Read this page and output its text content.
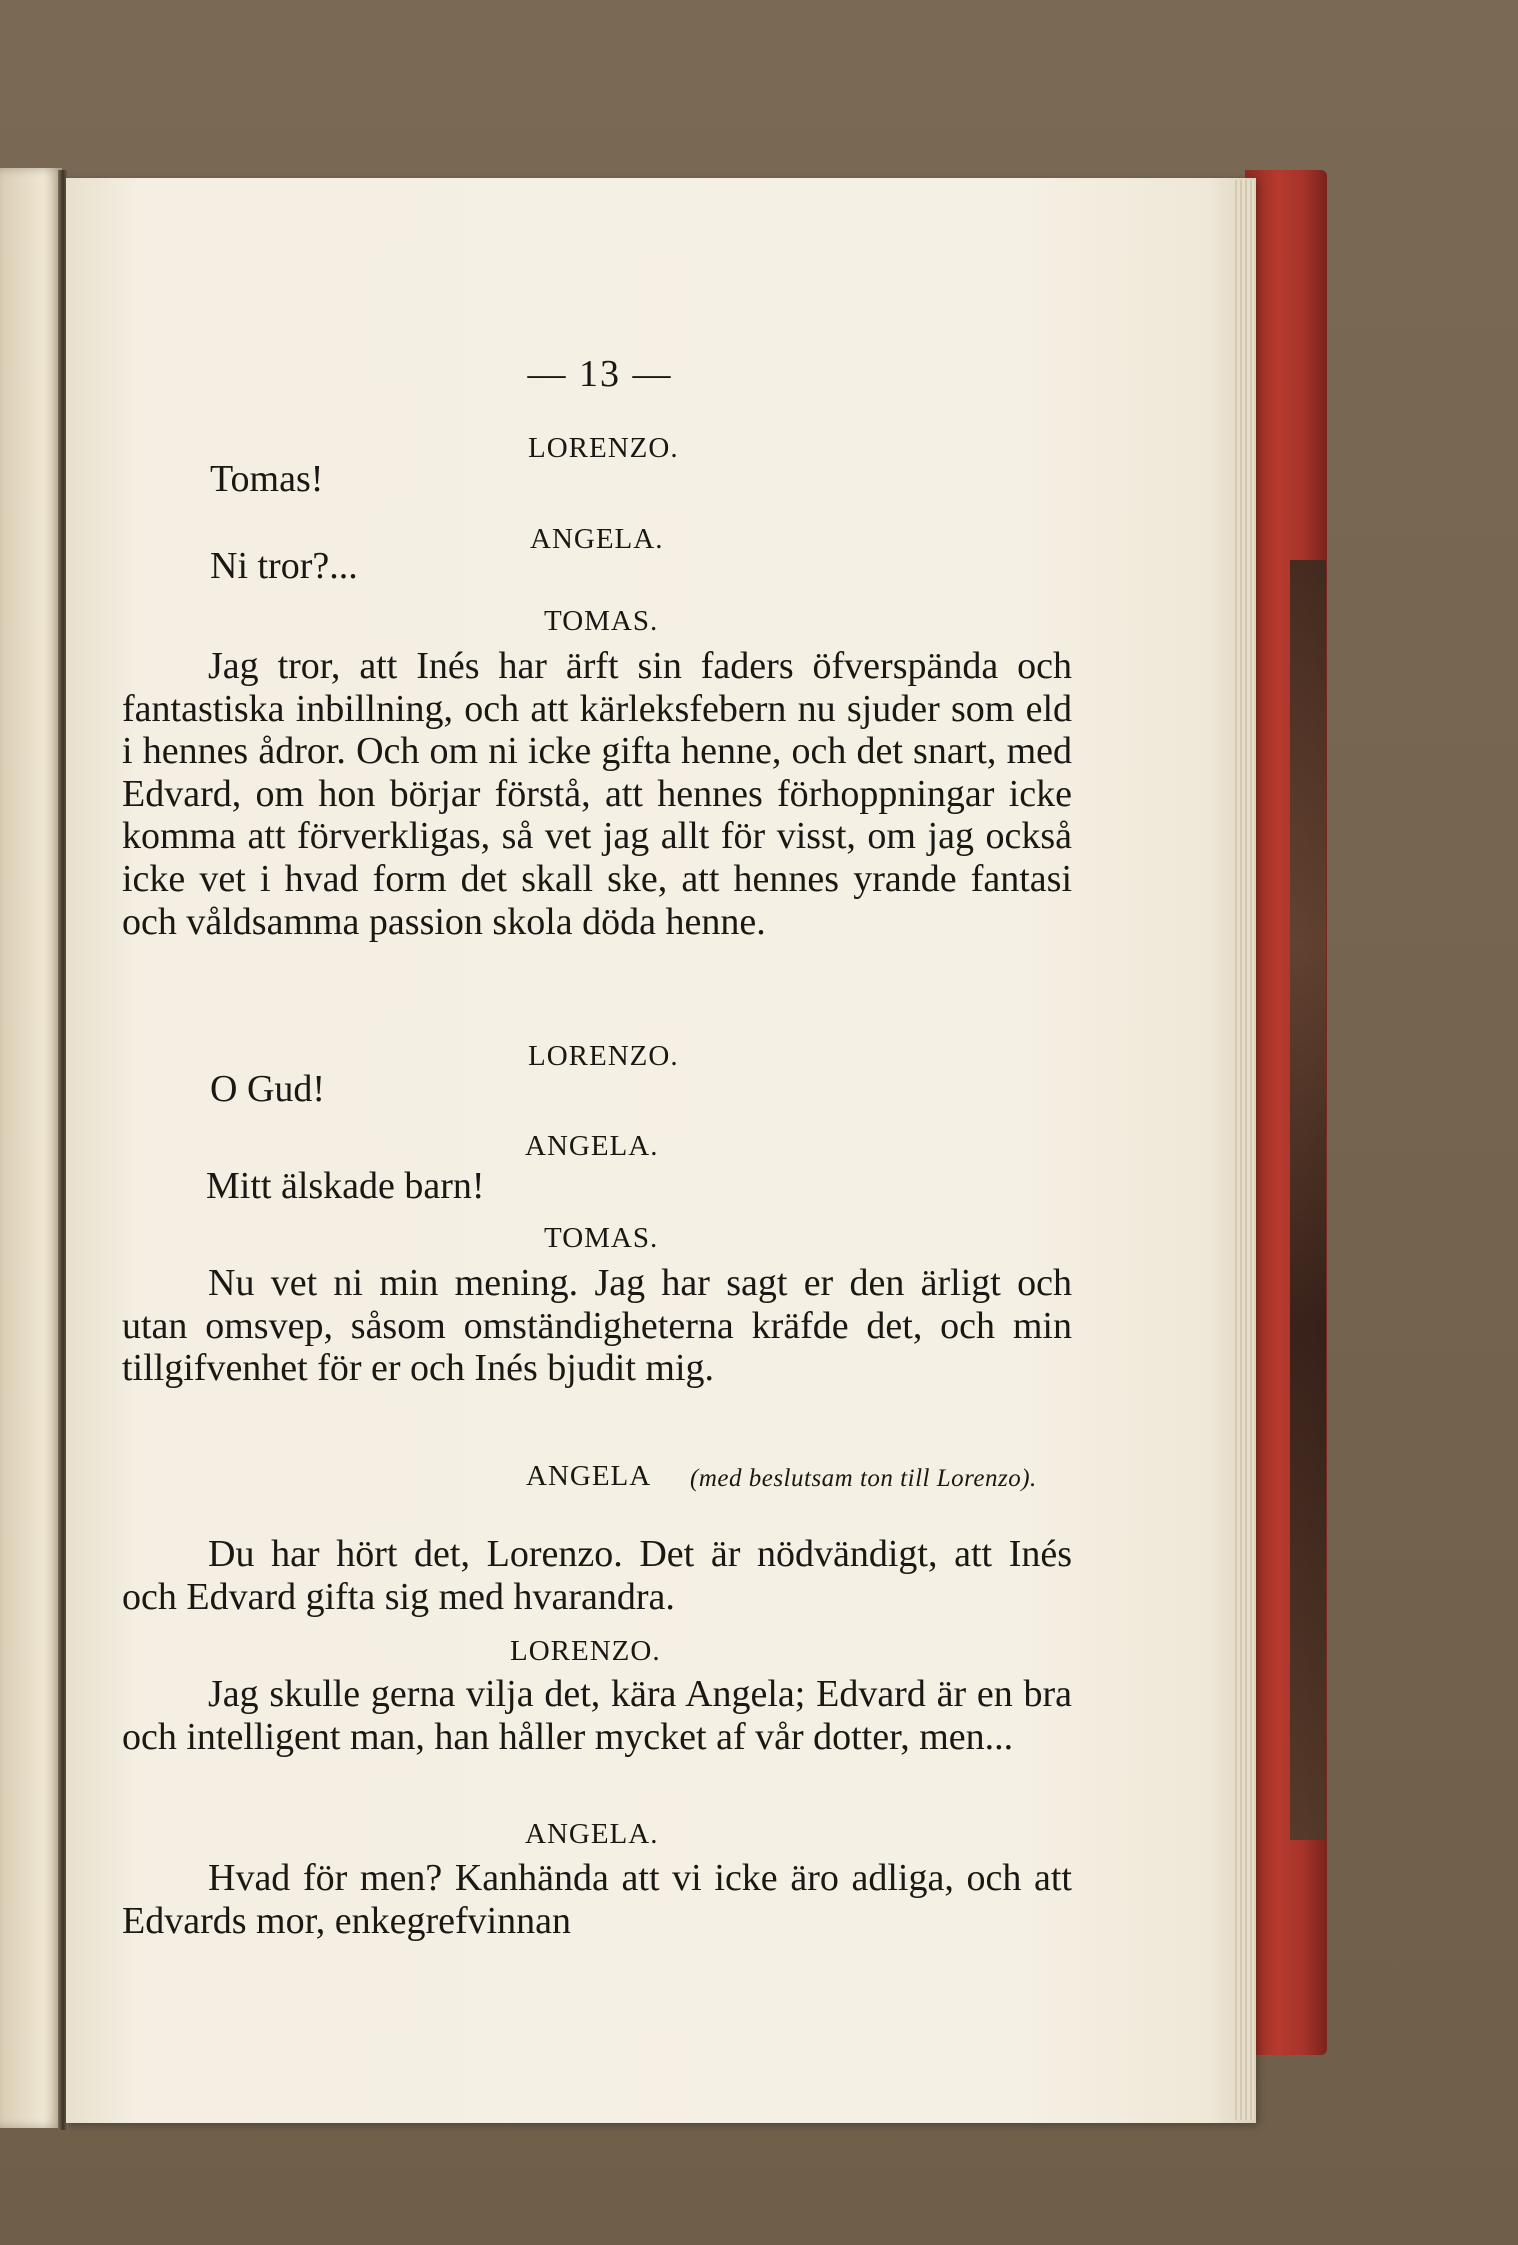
— 13 —
LORENZO.
Tomas!
ANGELA.
Ni tror?...
TOMAS.

Jag tror, att Inés har ärft sin faders öfverspända och fantastiska inbillning, och att kärleksfebern nu sjuder som eld i hennes ådror. Och om ni icke gifta henne, och det snart, med Edvard, om hon börjar förstå, att hennes förhoppningar icke komma att förverkligas, så vet jag allt för visst, om jag också icke vet i hvad form det skall ske, att hennes yrande fantasi och våldsamma passion skola döda henne.

LORENZO.
O Gud!
ANGELA.
Mitt älskade barn!
TOMAS.

Nu vet ni min mening. Jag har sagt er den ärligt och utan omsvep, såsom omständigheterna kräfde det, och min tillgifvenhet för er och Inés bjudit mig.

ANGELA (med beslutsam ton till Lorenzo).

Du har hört det, Lorenzo. Det är nödvändigt, att Inés och Edvard gifta sig med hvarandra.

LORENZO.

Jag skulle gerna vilja det, kära Angela; Edvard är en bra och intelligent man, han håller mycket af vår dotter, men...

ANGELA.

Hvad för men? Kanhända att vi icke äro adliga, och att Edvards mor, enkegrefvinnan
